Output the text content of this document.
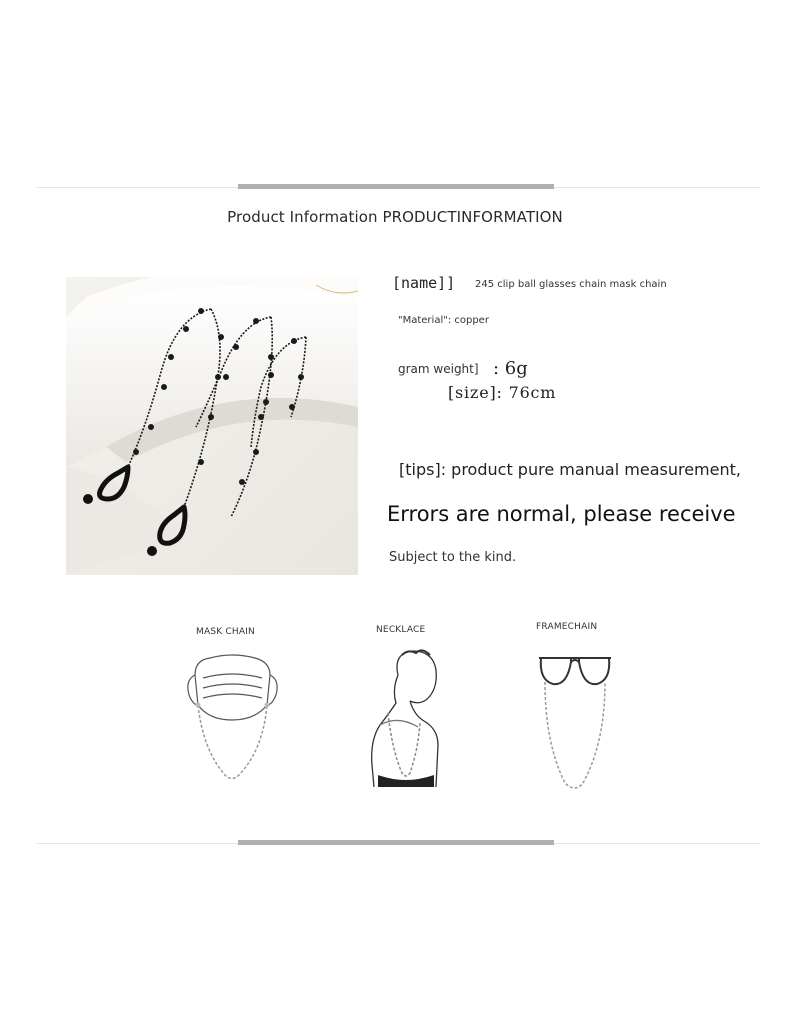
Product Information PRODUCTINFORMATION
[name]] 245 clip ball glasses chain mask chain
"Material": copper
gram weight] : 6g
[size]: 76cm
[tips]: product pure manual measurement,
Errors are normal, please receive
Subject to the kind.
MASK CHAIN	NECKLACE	FRAMECHAIN
